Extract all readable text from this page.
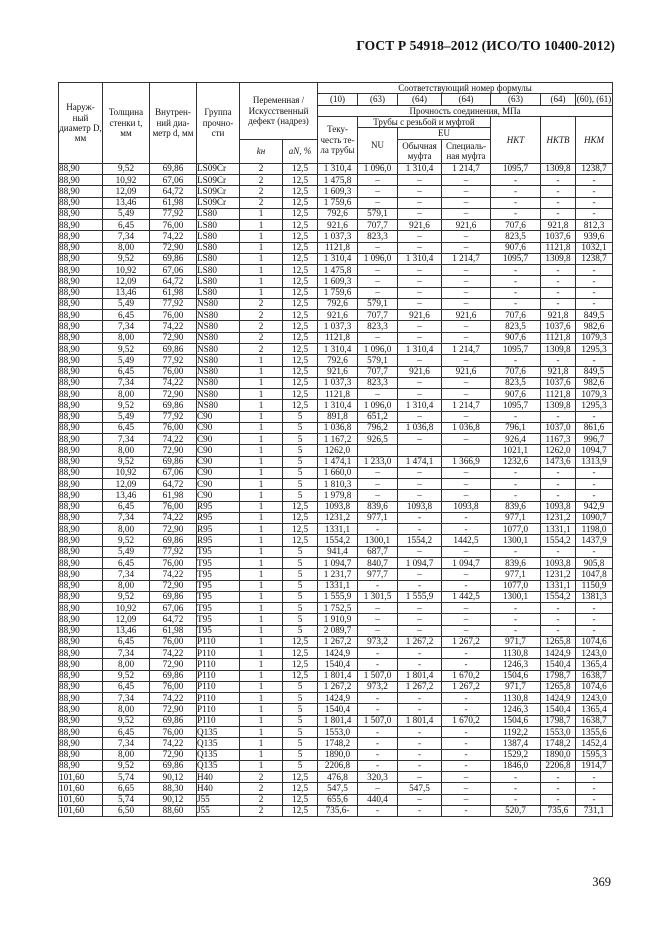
ГОСТ Р 54918–2012 (ИСО/ТО 10400-2012)
Наруж-ный диаметр D, мм	Толщина стенки t, мм	Внутрен-ний диа-метр d, мм	Группа прочно-сти	Переменная /Искусственный дефект (надрез)		Соответствующий номер формулы						
						(10)	(63)	(64)	(64)	(63)	(64)	(60), (61)
						Прочность соединения, МПа						
						Теку-честь те-ла трубы	Трубы с резьбой и муфтой			НКТ	НКТВ	НКМ
							NU	EU				
				kн	aN, %			Обычная муфта	Специаль-ная муфта			
88,90	9,52	69,86	LS09Cr	2	12,5	1 310,4	1 096,0	1 310,4	1 214,7	1095,7	1309,8	1238,7
88,90	10,92	67,06	LS09Cr	2	12,5	1 475,8	–	–	–	-	-	-
88,90	12,09	64,72	LS09Cr	2	12,5	1 609,3	–	–	–	-	-	-
88,90	13,46	61,98	LS09Cr	2	12,5	1 759,6	–	–	–	-	-	-
88,90	5,49	77,92	LS80	1	12,5	792,6	579,1	–	–	-	-	-
88,90	6,45	76,00	LS80	1	12,5	921,6	707,7	921,6	921,6	707,6	921,8	812,3
88,90	7,34	74,22	LS80	1	12,5	1 037,3	823,3	–	–	823,5	1037,6	939,6
88,90	8,00	72,90	LS80	1	12,5	1121,8	–	–	–	907,6	1121,8	1032,1
88,90	9,52	69,86	LS80	1	12,5	1 310,4	1 096,0	1 310,4	1 214,7	1095,7	1309,8	1238,7
88,90	10,92	67,06	LS80	1	12,5	1 475,8	–	–	–	-	-	-
88,90	12,09	64,72	LS80	1	12,5	1 609,3	–	–	–	-	-	-
88,90	13,46	61,98	LS80	1	12,5	1 759,6	–	–	–	-	-	-
88,90	5,49	77,92	NS80	2	12,5	792,6	579,1	–	–	-	-	-
88,90	6,45	76,00	NS80	2	12,5	921,6	707,7	921,6	921,6	707,6	921,8	849,5
88,90	7,34	74,22	NS80	2	12,5	1 037,3	823,3	–	–	823,5	1037,6	982,6
88,90	8,00	72,90	NS80	2	12,5	1121,8	–	–	–	907,6	1121,8	1079,3
88,90	9,52	69,86	NS80	2	12,5	1 310,4	1 096,0	1 310,4	1 214,7	1095,7	1309,8	1295,3
88,90	5,49	77,92	NS80	1	12,5	792,6	579,1	–	–	-	-	-
88,90	6,45	76,00	NS80	1	12,5	921,6	707,7	921,6	921,6	707,6	921,8	849,5
88,90	7,34	74,22	NS80	1	12,5	1 037,3	823,3	–	–	823,5	1037,6	982,6
88,90	8,00	72,90	NS80	1	12,5	1121,8	–	–	–	907,6	1121,8	1079,3
88,90	9,52	69,86	NS80	1	12,5	1 310,4	1 096,0	1 310,4	1 214,7	1095,7	1309,8	1295,3
88,90	5,49	77,92	C90	1	5	891,8	651,2	–	–	-	-	-
88,90	6,45	76,00	C90	1	5	1 036,8	796,2	1 036,8	1 036,8	796,1	1037,0	861,6
88,90	7,34	74,22	C90	1	5	1 167,2	926,5	–	–	926,4	1167,3	996,7
88,90	8,00	72,90	C90	1	5	1262,0				1021,1	1262,0	1094,7
88,90	9,52	69,86	C90	1	5	1 474,1	1 233,0	1 474,1	1 366,9	1232,6	1473,6	1313,9
88,90	10,92	67,06	C90	1	5	1 660,0	–	–	–	-	-	-
88,90	12,09	64,72	C90	1	5	1 810,3	–	–	–	-	-	-
88,90	13,46	61,98	C90	1	5	1 979,8	–	–	–	-	-	-
88,90	6,45	76,00	R95	1	12,5	1093,8	839,6	1093,8	1093,8	839,6	1093,8	942,9
88,90	7,34	74,22	R95	1	12,5	1231,2	977,1	-	-	977,1	1231,2	1090,7
88,90	8,00	72,90	R95	1	12,5	1331,1	-	-	-	1077,0	1331,1	1198,0
88,90	9,52	69,86	R95	1	12,5	1554,2	1300,1	1554,2	1442,5	1300,1	1554,2	1437,9
88,90	5,49	77,92	T95	1	5	941,4	687,7	–	–	-	-	-
88,90	6,45	76,00	T95	1	5	1 094,7	840,7	1 094,7	1 094,7	839,6	1093,8	905,8
88,90	7,34	74,22	T95	1	5	1 231,7	977,7	–	–	977,1	1231,2	1047,8
88,90	8,00	72,90	T95	1	5	1331,1	-	-	-	1077,0	1331,1	1150,9
88,90	9,52	69,86	T95	1	5	1 555,9	1 301,5	1 555,9	1 442,5	1300,1	1554,2	1381,3
88,90	10,92	67,06	T95	1	5	1 752,5	–	–	–	-	-	-
88,90	12,09	64,72	T95	1	5	1 910,9	–	–	–	-	-	-
88,90	13,46	61,98	T95	1	5	2 089,7	–	–	–	-	-	-
88,90	6,45	76,00	P110	1	12,5	1 267,2	973,2	1 267,2	1 267,2	971,7	1265,8	1074,6
88,90	7,34	74,22	P110	1	12,5	1424,9	-	-	-	1130,8	1424,9	1243,0
88,90	8,00	72,90	P110	1	12,5	1540,4	-	-	-	1246,3	1540,4	1365,4
88,90	9,52	69,86	P110	1	12,5	1 801,4	1 507,0	1 801,4	1 670,2	1504,6	1798,7	1638,7
88,90	6,45	76,00	P110	1	5	1 267,2	973,2	1 267,2	1 267,2	971,7	1265,8	1074,6
88,90	7,34	74,22	P110	1	5	1424,9	-	-	-	1130,8	1424,9	1243,0
88,90	8,00	72,90	P110	1	5	1540,4	-	-	-	1246,3	1540,4	1365,4
88,90	9,52	69,86	P110	1	5	1 801,4	1 507,0	1 801,4	1 670,2	1504,6	1798,7	1638,7
88,90	6,45	76,00	Q135	1	5	1553,0	-	-	-	1192,2	1553,0	1355,6
88,90	7,34	74,22	Q135	1	5	1748,2	-	-	-	1387,4	1748,2	1452,4
88,90	8,00	72,90	Q135	1	5	1890,0	-	-	-	1529,2	1890,0	1595,3
88,90	9,52	69,86	Q135	1	5	2206,8	-	-	-	1846,0	2206,8	1914,7
101,60	5,74	90,12	H40	2	12,5	476,8	320,3	–	–	-	-	-
101,60	6,65	88,30	H40	2	12,5	547,5	–	547,5	–	-	-	-
101,60	5,74	90,12	J55	2	12,5	655,6	440,4	–	–	-	-	-
101,60	6,50	88,60	J55	2	12,5	735,6-	-	-	-	520,7	735,6	731,1
369
